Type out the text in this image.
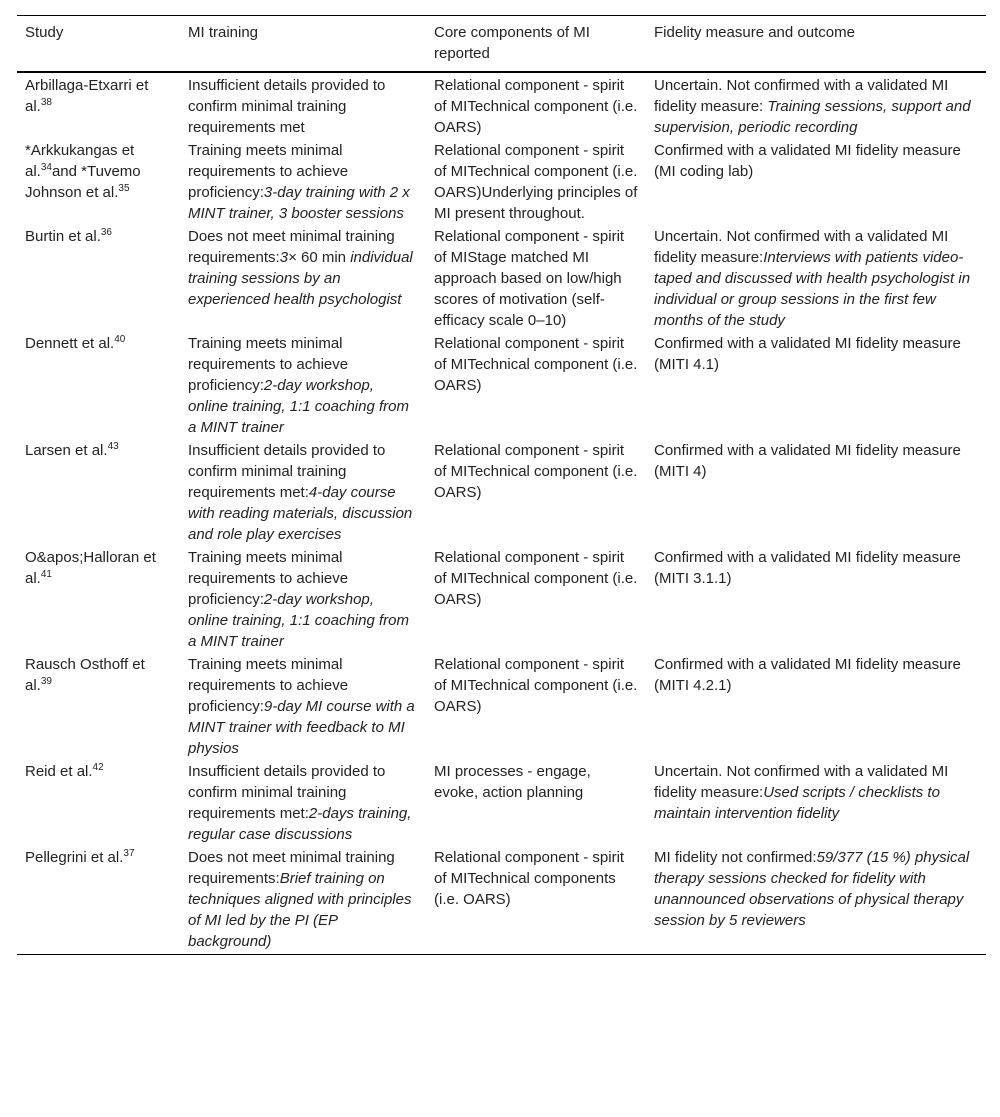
Study	MI training	Core components of MI reported	Fidelity measure and outcome
Arbillaga-Etxarri et al.$^{38}$	Insufficient details provided to confirm minimal training requirements met	Relational component - spirit of MITechnical component (i.e. OARS)	Uncertain. Not confirmed with a validated MI fidelity measure: Training sessions, support and supervision, periodic recording
*Arkkukangas et al.$^{34}$and *Tuvemo Johnson et al.$^{35}$	Training meets minimal requirements to achieve proficiency:3-day training with 2 x MINT trainer, 3 booster sessions	Relational component - spirit of MITechnical component (i.e. OARS)Underlying principles of MI present throughout.	Confirmed with a validated MI fidelity measure (MI coding lab)
Burtin et al.$^{36}$	Does not meet minimal training requirements:3× 60 min individual training sessions by an experienced health psychologist	Relational component - spirit of MIStage matched MI approach based on low/high scores of motivation (self-efficacy scale 0–10)	Uncertain. Not confirmed with a validated MI fidelity measure:Interviews with patients video-taped and discussed with health psychologist in individual or group sessions in the first few months of the study
Dennett et al.$^{40}$	Training meets minimal requirements to achieve proficiency:2-day workshop, online training, 1:1 coaching from a MINT trainer	Relational component - spirit of MITechnical component (i.e. OARS)	Confirmed with a validated MI fidelity measure (MITI 4.1)
Larsen et al.$^{43}$	Insufficient details provided to confirm minimal training requirements met:4-day course with reading materials, discussion and role play exercises	Relational component - spirit of MITechnical component (i.e. OARS)	Confirmed with a validated MI fidelity measure (MITI 4)
O&apos;Halloran et al.$^{41}$	Training meets minimal requirements to achieve proficiency:2-day workshop, online training, 1:1 coaching from a MINT trainer	Relational component - spirit of MITechnical component (i.e. OARS)	Confirmed with a validated MI fidelity measure (MITI 3.1.1)
Rausch Osthoff et al.$^{39}$	Training meets minimal requirements to achieve proficiency:9-day MI course with a MINT trainer with feedback to MI physios	Relational component - spirit of MITechnical component (i.e. OARS)	Confirmed with a validated MI fidelity measure (MITI 4.2.1)
Reid et al.$^{42}$	Insufficient details provided to confirm minimal training requirements met:2-days training, regular case discussions	MI processes - engage, evoke, action planning	Uncertain. Not confirmed with a validated MI fidelity measure:Used scripts / checklists to maintain intervention fidelity
Pellegrini et al.$^{37}$	Does not meet minimal training requirements:Brief training on techniques aligned with principles of MI led by the PI (EP background)	Relational component - spirit of MITechnical components (i.e. OARS)	MI fidelity not confirmed:59/377 (15 %) physical therapy sessions checked for fidelity with unannounced observations of physical therapy session by 5 reviewers
